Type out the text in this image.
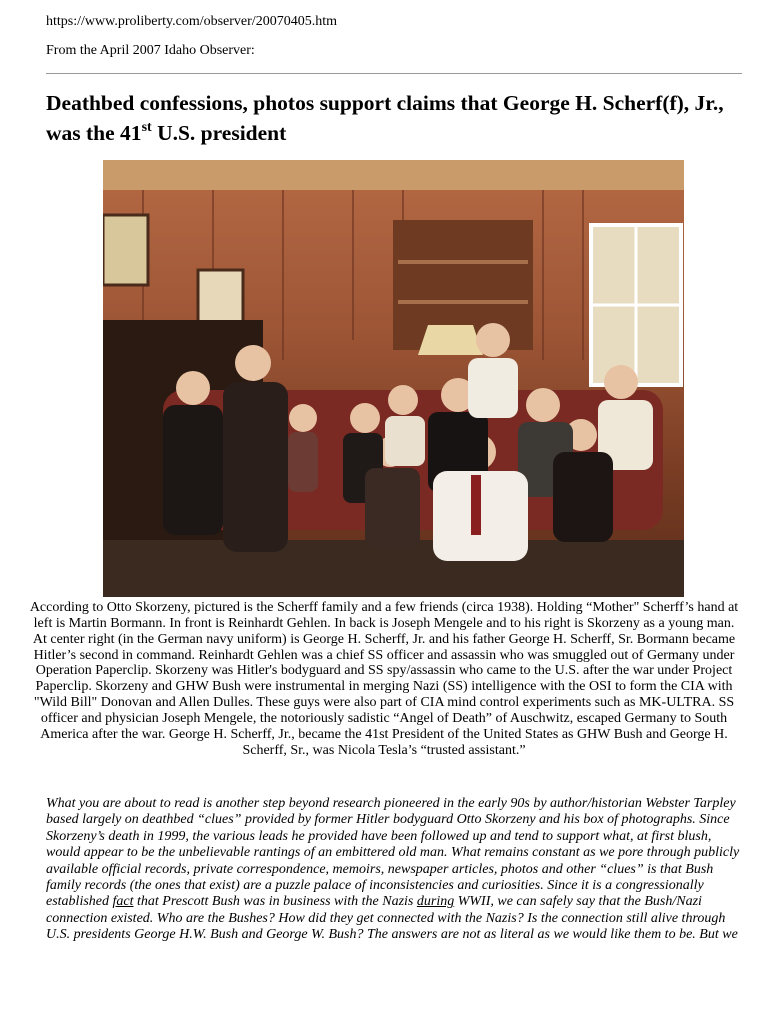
https://www.proliberty.com/observer/20070405.htm
From the April 2007 Idaho Observer:
Deathbed confessions, photos support claims that George H. Scherf(f), Jr., was the 41st U.S. president

According to Otto Skorzeny, pictured is the Scherff family and a few friends (circa 1938). Holding “Mother" Scherff’s hand at left is Martin Bormann. In front is Reinhardt Gehlen. In back is Joseph Mengele and to his right is Skorzeny as a young man. At center right (in the German navy uniform) is George H. Scherff, Jr. and his father George H. Scherff, Sr. Bormann became Hitler’s second in command. Reinhardt Gehlen was a chief SS officer and assassin who was smuggled out of Germany under Operation Paperclip. Skorzeny was Hitler's bodyguard and SS spy/assassin who came to the U.S. after the war under Project Paperclip. Skorzeny and GHW Bush were instrumental in merging Nazi (SS) intelligence with the OSI to form the CIA with "Wild Bill" Donovan and Allen Dulles. These guys were also part of CIA mind control experiments such as MK-ULTRA. SS officer and physician Joseph Mengele, the notoriously sadistic “Angel of Death” of Auschwitz, escaped Germany to South America after the war. George H. Scherff, Jr., became the 41st President of the United States as GHW Bush and George H. Scherff, Sr., was Nicola Tesla’s “trusted assistant.”

What you are about to read is another step beyond research pioneered in the early 90s by author/historian Webster Tarpley based largely on deathbed “clues” provided by former Hitler bodyguard Otto Skorzeny and his box of photographs. Since Skorzeny’s death in 1999, the various leads he provided have been followed up and tend to support what, at first blush, would appear to be the unbelievable rantings of an embittered old man. What remains constant as we pore through publicly available official records, private correspondence, memoirs, newspaper articles, photos and other “clues” is that Bush family records (the ones that exist) are a puzzle palace of inconsistencies and curiosities. Since it is a congressionally established fact that Prescott Bush was in business with the Nazis during WWII, we can safely say that the Bush/Nazi connection existed. Who are the Bushes? How did they get connected with the Nazis? Is the connection still alive through U.S. presidents George H.W. Bush and George W. Bush? The answers are not as literal as we would like them to be. But we
